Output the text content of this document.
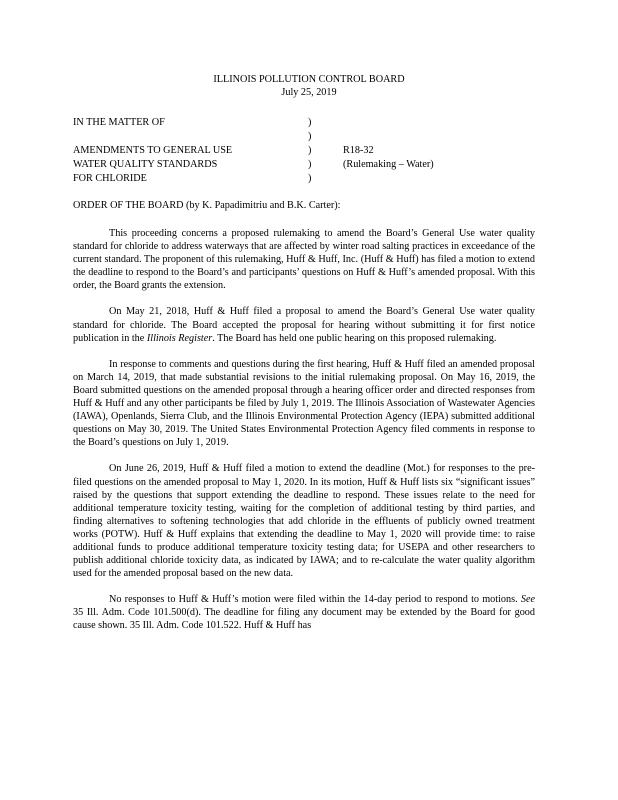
ILLINOIS POLLUTION CONTROL BOARD
July 25, 2019
IN THE MATTER OF	)
)
AMENDMENTS TO GENERAL USE	)	R18-32
WATER QUALITY STANDARDS	)	(Rulemaking – Water)
FOR CHLORIDE	)
ORDER OF THE BOARD (by K. Papadimitriu and B.K. Carter):

This proceeding concerns a proposed rulemaking to amend the Board’s General Use water quality standard for chloride to address waterways that are affected by winter road salting practices in exceedance of the current standard. The proponent of this rulemaking, Huff & Huff, Inc. (Huff & Huff) has filed a motion to extend the deadline to respond to the Board’s and participants’ questions on Huff & Huff’s amended proposal. With this order, the Board grants the extension.

On May 21, 2018, Huff & Huff filed a proposal to amend the Board’s General Use water quality standard for chloride. The Board accepted the proposal for hearing without submitting it for first notice publication in the Illinois Register. The Board has held one public hearing on this proposed rulemaking.

In response to comments and questions during the first hearing, Huff & Huff filed an amended proposal on March 14, 2019, that made substantial revisions to the initial rulemaking proposal. On May 16, 2019, the Board submitted questions on the amended proposal through a hearing officer order and directed responses from Huff & Huff and any other participants be filed by July 1, 2019. The Illinois Association of Wastewater Agencies (IAWA), Openlands, Sierra Club, and the Illinois Environmental Protection Agency (IEPA) submitted additional questions on May 30, 2019. The United States Environmental Protection Agency filed comments in response to the Board’s questions on July 1, 2019.

On June 26, 2019, Huff & Huff filed a motion to extend the deadline (Mot.) for responses to the pre-filed questions on the amended proposal to May 1, 2020. In its motion, Huff & Huff lists six “significant issues” raised by the questions that support extending the deadline to respond. These issues relate to the need for additional temperature toxicity testing, waiting for the completion of additional testing by third parties, and finding alternatives to softening technologies that add chloride in the effluents of publicly owned treatment works (POTW). Huff & Huff explains that extending the deadline to May 1, 2020 will provide time: to raise additional funds to produce additional temperature toxicity testing data; for USEPA and other researchers to publish additional chloride toxicity data, as indicated by IAWA; and to re-calculate the water quality algorithm used for the amended proposal based on the new data.

No responses to Huff & Huff’s motion were filed within the 14-day period to respond to motions. See 35 Ill. Adm. Code 101.500(d). The deadline for filing any document may be extended by the Board for good cause shown. 35 Ill. Adm. Code 101.522. Huff & Huff has
